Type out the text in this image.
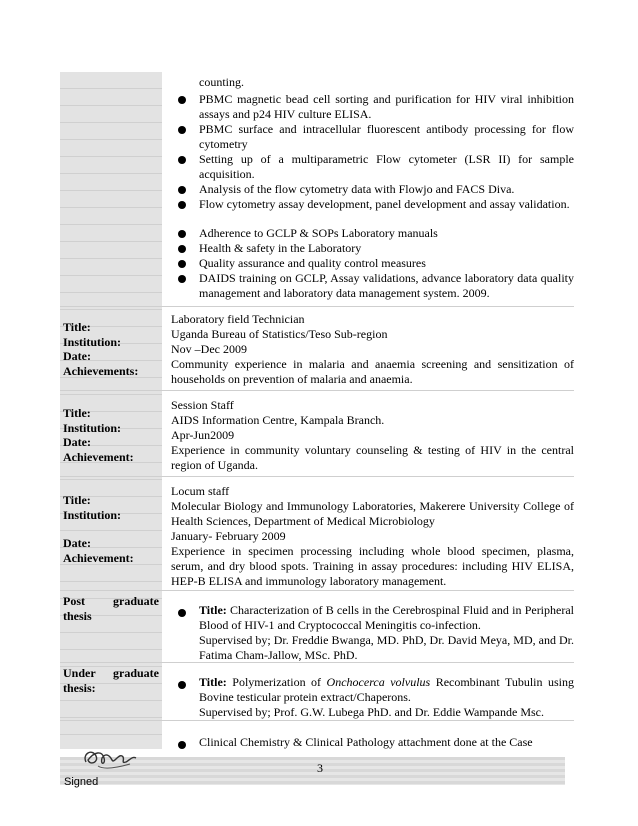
counting.
PBMC magnetic bead cell sorting and purification for HIV viral inhibition assays and p24 HIV culture ELISA.
PBMC surface and intracellular fluorescent antibody processing for flow cytometry
Setting up of a multiparametric Flow cytometer (LSR II) for sample acquisition.
Analysis of the flow cytometry data with Flowjo and FACS Diva.
Flow cytometry assay development, panel development and assay validation.
Adherence to GCLP & SOPs Laboratory manuals
Health & safety in the Laboratory
Quality assurance and quality control measures
DAIDS training on GCLP, Assay validations, advance laboratory data quality management and laboratory data management system. 2009.
Title:
Institution:
Date:
Achievements:
Laboratory field Technician
Uganda Bureau of Statistics/Teso Sub-region
Nov –Dec 2009
Community experience in malaria and anaemia screening and sensitization of households on prevention of malaria and anaemia.
Title:
Institution:
Date:
Achievement:
Session Staff
AIDS Information Centre, Kampala Branch.
Apr-Jun2009
Experience in community voluntary counseling & testing of HIV in the central region of Uganda.
Title:
Institution:
Date:
Achievement:
Locum staff
Molecular Biology and Immunology Laboratories, Makerere University College of Health Sciences, Department of Medical Microbiology
January- February 2009
Experience in specimen processing including whole blood specimen, plasma, serum, and dry blood spots. Training in assay procedures: including HIV ELISA, HEP-B ELISA and immunology laboratory management.
Post graduate
thesis	Title: Characterization of B cells in the Cerebrospinal Fluid and in Peripheral Blood of HIV-1 and Cryptococcal Meningitis co-infection.
Supervised by; Dr. Freddie Bwanga, MD. PhD, Dr. David Meya, MD, and Dr. Fatima Cham-Jallow, MSc. PhD.
Under graduate
thesis:	Title: Polymerization of Onchocerca volvulus Recombinant Tubulin using Bovine testicular protein extract/Chaperons.
Supervised by; Prof. G.W. Lubega PhD. and Dr. Eddie Wampande Msc.
Clinical Chemistry & Clinical Pathology attachment done at the Case
3
Signed
